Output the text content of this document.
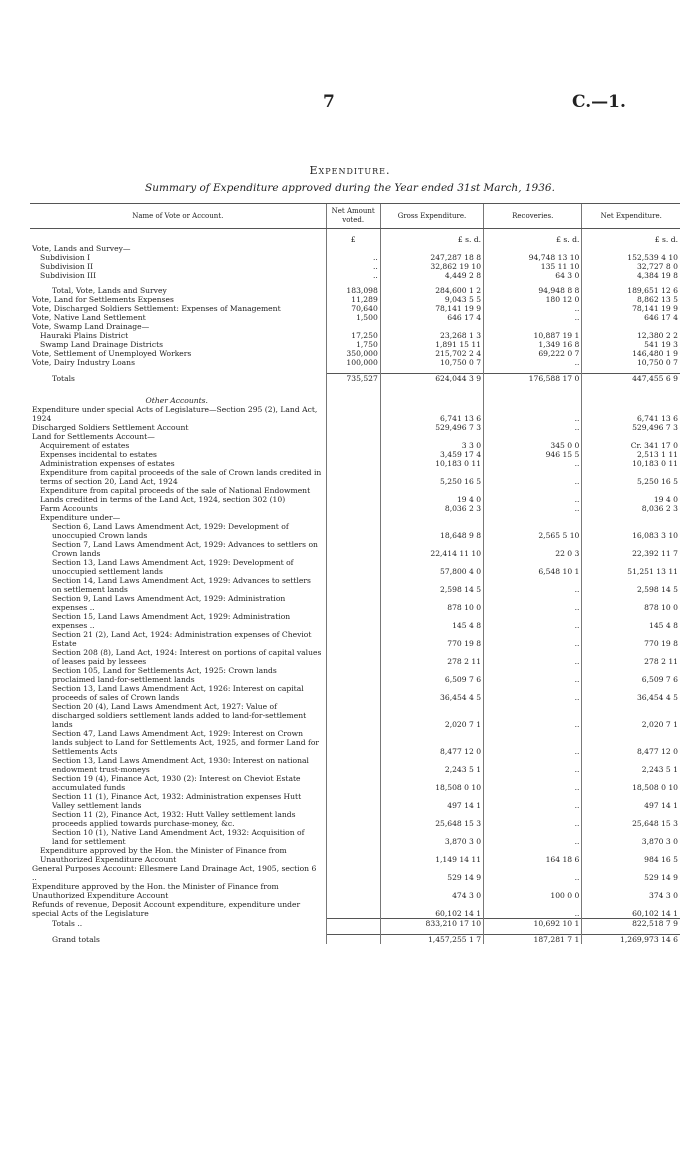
7	C.—1.
Expenditure.
Summary of Expenditure approved during the Year ended 31st March, 1936.
Name of Vote or Account.	Net Amount voted.	Gross Expenditure.	Recoveries.	Net Expenditure.

	£	£ s. d.	£ s. d.	£ s. d.
Vote, Lands and Survey—				
Subdivision I	..	247,287 18 8	94,748 13 10	152,539 4 10
Subdivision II	..	32,862 19 10	135 11 10	32,727 8 0
Subdivision III	..	4,449 2 8	64 3 0	4,384 19 8

Total, Vote, Lands and Survey	183,098	284,600 1 2	94,948 8 8	189,651 12 6
Vote, Land for Settlements Expenses	11,289	9,043 5 5	180 12 0	8,862 13 5
Vote, Discharged Soldiers Settlement: Expenses of Management	70,640	78,141 19 9	..	78,141 19 9
Vote, Native Land Settlement	1,500	646 17 4	..	646 17 4
Vote, Swamp Land Drainage—				
Hauraki Plains District	17,250	23,268 1 3	10,887 19 1	12,380 2 2
Swamp Land Drainage Districts	1,750	1,891 15 11	1,349 16 8	541 19 3
Vote, Settlement of Unemployed Workers	350,000	215,702 2 4	69,222 0 7	146,480 1 9
Vote, Dairy Industry Loans	100,000	10,750 0 7	..	10,750 0 7

Totals	735,527	624,044 3 9	176,588 17 0	447,455 6 9
Other Accounts.				
Expenditure under special Acts of Legislature—Section 295 (2), Land Act, 1924		6,741 13 6	..	6,741 13 6
Discharged Soldiers Settlement Account		529,496 7 3	..	529,496 7 3
Land for Settlements Account—				
Acquirement of estates		3 3 0	345 0 0	Cr. 341 17 0
Expenses incidental to estates		3,459 17 4	946 15 5	2,513 1 11
Administration expenses of estates		10,183 0 11	..	10,183 0 11
Expenditure from capital proceeds of the sale of Crown lands credited in terms of section 20, Land Act, 1924		5,250 16 5	..	5,250 16 5
Expenditure from capital proceeds of the sale of National Endowment Lands credited in terms of the Land Act, 1924, section 302 (10)		19 4 0	..	19 4 0
Farm Accounts		8,036 2 3	..	8,036 2 3
Expenditure under—				
Section 6, Land Laws Amendment Act, 1929: Development of unoccupied Crown lands		18,648 9 8	2,565 5 10	16,083 3 10
Section 7, Land Laws Amendment Act, 1929: Advances to settlers on Crown lands		22,414 11 10	22 0 3	22,392 11 7
Section 13, Land Laws Amendment Act, 1929: Development of unoccupied settlement lands		57,800 4 0	6,548 10 1	51,251 13 11
Section 14, Land Laws Amendment Act, 1929: Advances to settlers on settlement lands		2,598 14 5	..	2,598 14 5
Section 9, Land Laws Amendment Act, 1929: Administration expenses ..		878 10 0	..	878 10 0
Section 15, Land Laws Amendment Act, 1929: Administration expenses ..		145 4 8	..	145 4 8
Section 21 (2), Land Act, 1924: Administration expenses of Cheviot Estate		770 19 8	..	770 19 8
Section 208 (8), Land Act, 1924: Interest on portions of capital values of leases paid by lessees		278 2 11	..	278 2 11
Section 105, Land for Settlements Act, 1925: Crown lands proclaimed land-for-settlement lands		6,509 7 6	..	6,509 7 6
Section 13, Land Laws Amendment Act, 1926: Interest on capital proceeds of sales of Crown lands		36,454 4 5	..	36,454 4 5
Section 20 (4), Land Laws Amendment Act, 1927: Value of discharged soldiers settlement lands added to land-for-settlement lands		2,020 7 1	..	2,020 7 1
Section 47, Land Laws Amendment Act, 1929: Interest on Crown lands subject to Land for Settlements Act, 1925, and former Land for Settlements Acts		8,477 12 0	..	8,477 12 0
Section 13, Land Laws Amendment Act, 1930: Interest on national endowment trust-moneys		2,243 5 1	..	2,243 5 1
Section 19 (4), Finance Act, 1930 (2): Interest on Cheviot Estate accumulated funds		18,508 0 10	..	18,508 0 10
Section 11 (1), Finance Act, 1932: Administration expenses Hutt Valley settlement lands		497 14 1	..	497 14 1
Section 11 (2), Finance Act, 1932: Hutt Valley settlement lands proceeds applied towards purchase-money, &c.		25,648 15 3	..	25,648 15 3
Section 10 (1), Native Land Amendment Act, 1932: Acquisition of land for settlement		3,870 3 0	..	3,870 3 0
Expenditure approved by the Hon. the Minister of Finance from Unauthorized Expenditure Account		1,149 14 11	164 18 6	984 16 5
General Purposes Account: Ellesmere Land Drainage Act, 1905, section 6 ..		529 14 9	..	529 14 9
Expenditure approved by the Hon. the Minister of Finance from Unauthorized Expenditure Account		474 3 0	100 0 0	374 3 0
Refunds of revenue, Deposit Account expenditure, expenditure under special Acts of the Legislature		60,102 14 1	..	60,102 14 1
Totals ..		833,210 17 10	10,692 10 1	822,518 7 9

Grand totals		1,457,255 1 7	187,281 7 1	1,269,973 14 6
